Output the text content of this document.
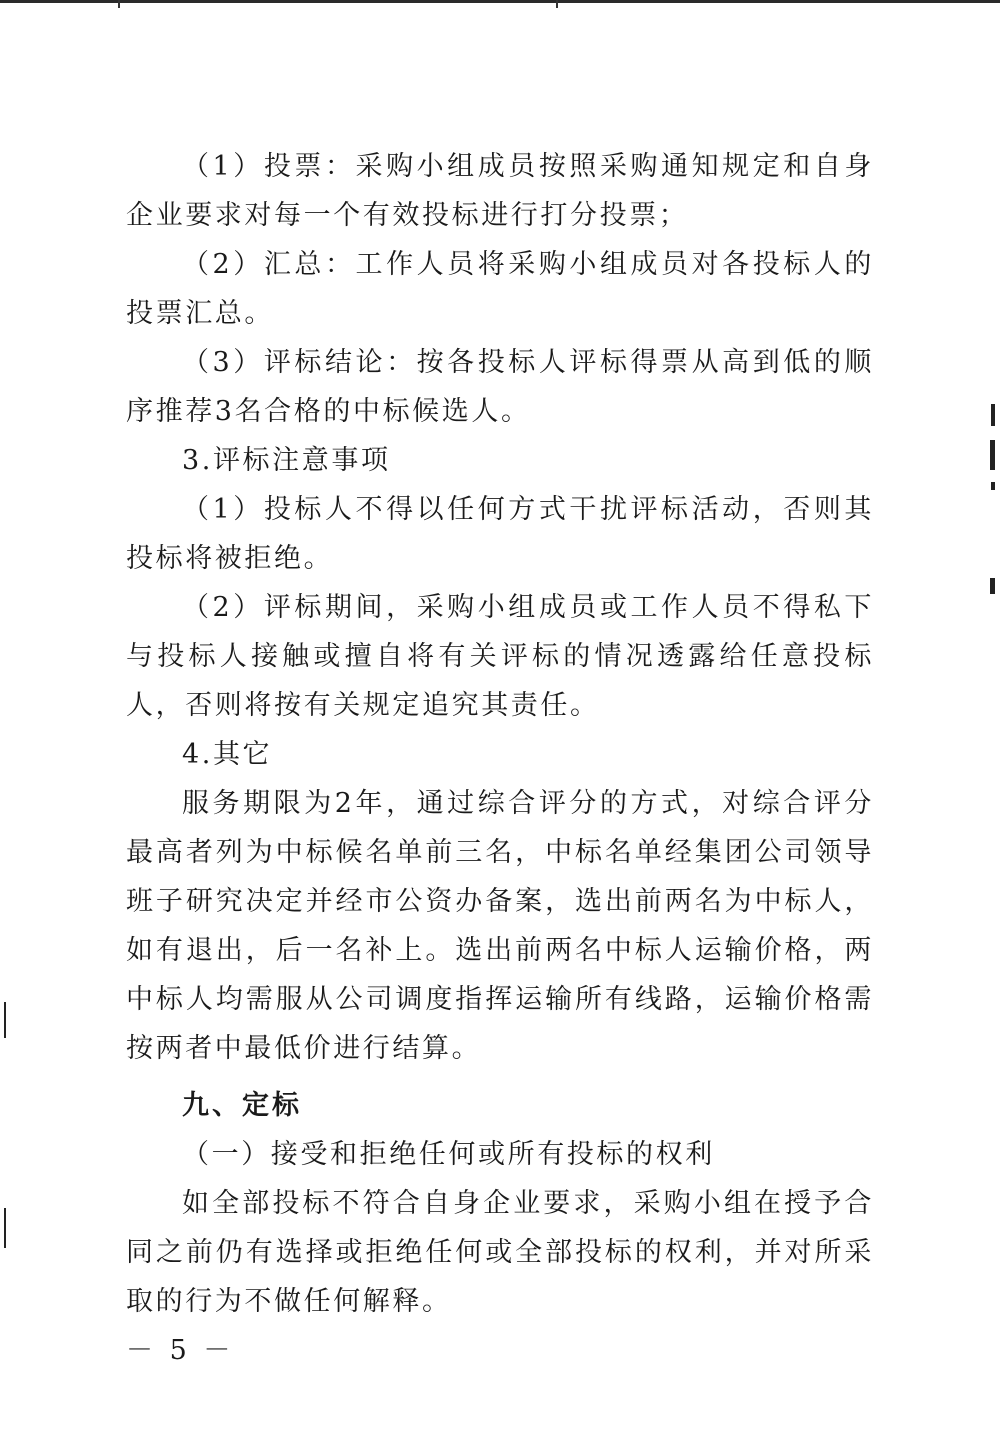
（1）投票：采购小组成员按照采购通知规定和自身企业要求对每一个有效投标进行打分投票；

（2）汇总：工作人员将采购小组成员对各投标人的投票汇总。

（3）评标结论：按各投标人评标得票从高到低的顺序推荐3名合格的中标候选人。

3.评标注意事项

（1）投标人不得以任何方式干扰评标活动，否则其投标将被拒绝。

（2）评标期间，采购小组成员或工作人员不得私下与投标人接触或擅自将有关评标的情况透露给任意投标人，否则将按有关规定追究其责任。

4.其它

服务期限为2年，通过综合评分的方式，对综合评分最高者列为中标候名单前三名，中标名单经集团公司领导班子研究决定并经市公资办备案，选出前两名为中标人，如有退出，后一名补上。选出前两名中标人运输价格，两中标人均需服从公司调度指挥运输所有线路，运输价格需按两者中最低价进行结算。

九、定标

（一）接受和拒绝任何或所有投标的权利

如全部投标不符合自身企业要求，采购小组在授予合同之前仍有选择或拒绝任何或全部投标的权利，并对所采取的行为不做任何解释。

－ 5 －
